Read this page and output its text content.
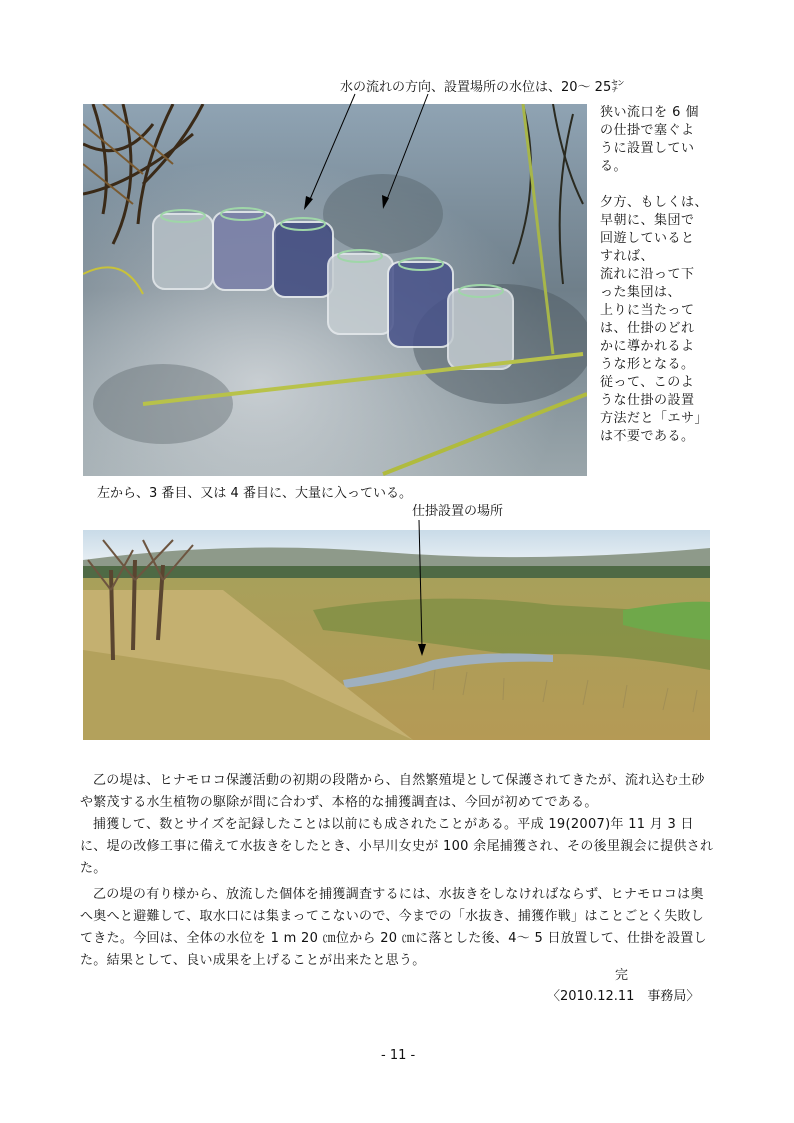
水の流れの方向、設置場所の水位は、20～ 25㌢

狭い流口を 6 個
の仕掛で塞ぐよ
うに設置してい
る。

夕方、もしくは、
早朝に、集団で
回遊していると
すれば、
流れに沿って下
った集団は、
上りに当たって
は、仕掛のどれ
かに導かれるよ
うな形となる。
従って、このよ
うな仕掛の設置
方法だと「エサ」
は不要である。

左から、3 番目、又は 4 番目に、大量に入っている。
仕掛設置の場所

乙の堤は、ヒナモロコ保護活動の初期の段階から、自然繁殖堤として保護されてきたが、流れ込む土砂や繁茂する水生植物の駆除が間に合わず、本格的な捕獲調査は、今回が初めてである。

捕獲して、数とサイズを記録したことは以前にも成されたことがある。平成 19(2007)年 11 月 3 日に、堤の改修工事に備えて水抜きをしたとき、小早川女史が 100 余尾捕獲され、その後里親会に提供された。

乙の堤の有り様から、放流した個体を捕獲調査するには、水抜きをしなければならず、ヒナモロコは奥へ奥へと避難して、取水口には集まってこないので、今までの「水抜き、捕獲作戦」はことごとく失敗してきた。今回は、全体の水位を 1 m 20 ㎝位から 20 ㎝に落とした後、4～ 5 日放置して、仕掛を設置した。結果として、良い成果を上げることが出来たと思う。

完
〈2010.12.11　事務局〉
- 11 -
